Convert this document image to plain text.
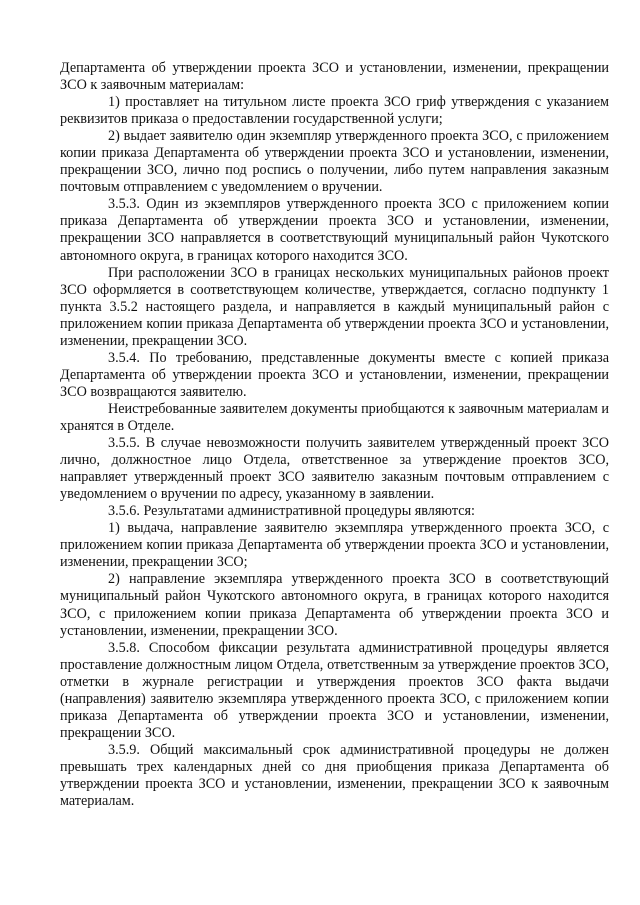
Департамента об утверждении проекта ЗСО и установлении, изменении, прекращении ЗСО к заявочным материалам:

1) проставляет на титульном листе проекта ЗСО гриф утверждения с указанием реквизитов приказа о предоставлении государственной услуги;

2) выдает заявителю один экземпляр утвержденного проекта ЗСО, с приложением копии приказа Департамента об утверждении проекта ЗСО и установлении, изменении, прекращении ЗСО, лично под роспись о получении, либо путем направления заказным почтовым отправлением с уведомлением о вручении.

3.5.3. Один из экземпляров утвержденного проекта ЗСО с приложением копии приказа Департамента об утверждении проекта ЗСО и установлении, изменении, прекращении ЗСО направляется в соответствующий муниципальный район Чукотского автономного округа, в границах которого находится ЗСО.

При расположении ЗСО в границах нескольких муниципальных районов проект ЗСО оформляется в соответствующем количестве, утверждается, согласно подпункту 1 пункта 3.5.2 настоящего раздела, и направляется в каждый муниципальный район с приложением копии приказа Департамента об утверждении проекта ЗСО и установлении, изменении, прекращении ЗСО.

3.5.4. По требованию, представленные документы вместе с копией приказа Департамента об утверждении проекта ЗСО и установлении, изменении, прекращении ЗСО возвращаются заявителю.

Неистребованные заявителем документы приобщаются к заявочным материалам и хранятся в Отделе.

3.5.5. В случае невозможности получить заявителем утвержденный проект ЗСО лично, должностное лицо Отдела, ответственное за утверждение проектов ЗСО, направляет утвержденный проект ЗСО заявителю заказным почтовым отправлением с уведомлением о вручении по адресу, указанному в заявлении.

3.5.6. Результатами административной процедуры являются:

1) выдача, направление заявителю экземпляра утвержденного проекта ЗСО, с приложением копии приказа Департамента об утверждении проекта ЗСО и установлении, изменении, прекращении ЗСО;

2) направление экземпляра утвержденного проекта ЗСО в соответствующий муниципальный район Чукотского автономного округа, в границах которого находится ЗСО, с приложением копии приказа Департамента об утверждении проекта ЗСО и установлении, изменении, прекращении ЗСО.

3.5.8. Способом фиксации результата административной процедуры является проставление должностным лицом Отдела, ответственным за утверждение проектов ЗСО, отметки в журнале регистрации и утверждения проектов ЗСО факта выдачи (направления) заявителю экземпляра утвержденного проекта ЗСО, с приложением копии приказа Департамента об утверждении проекта ЗСО и установлении, изменении, прекращении ЗСО.

3.5.9. Общий максимальный срок административной процедуры не должен превышать трех календарных дней со дня приобщения приказа Департамента об утверждении проекта ЗСО и установлении, изменении, прекращении ЗСО к заявочным материалам.
